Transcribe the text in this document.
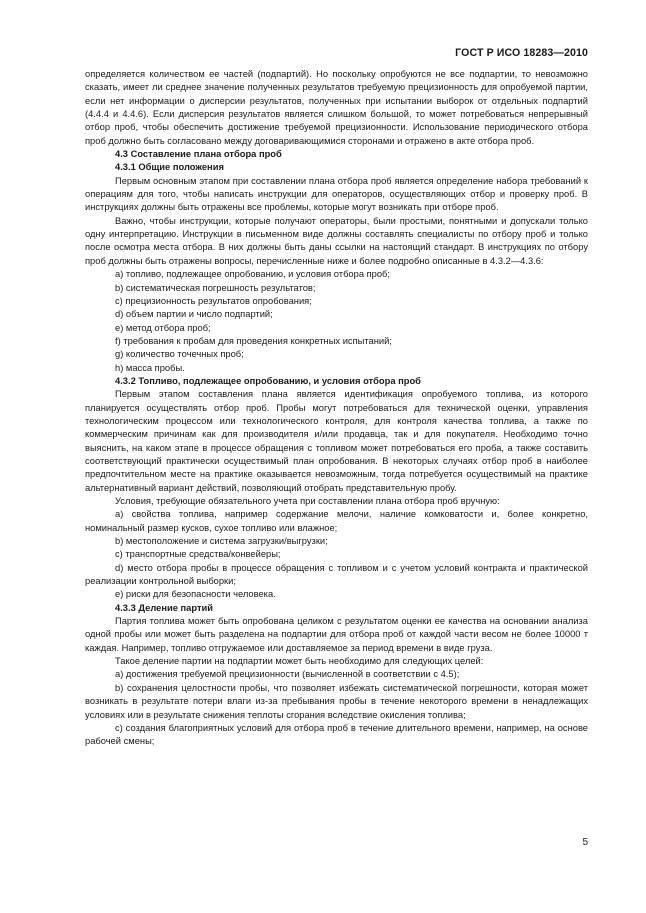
ГОСТ Р ИСО 18283—2010

определяется количеством ее частей (подпартий). Но поскольку опробуются не все подпартии, то невозможно сказать, имеет ли среднее значение полученных результатов требуемую прецизионность для опробуемой партии, если нет информации о дисперсии результатов, полученных при испытании выборок от отдельных подпартий (4.4.4 и 4.4.6). Если дисперсия результатов является слишком большой, то может потребоваться непрерывный отбор проб, чтобы обеспечить достижение требуемой прецизионности. Использование периодического отбора проб должно быть согласовано между договаривающимися сторонами и отражено в акте отбора проб.

4.3 Составление плана отбора проб

4.3.1 Общие положения

Первым основным этапом при составлении плана отбора проб является определение набора требований к операциям для того, чтобы написать инструкции для операторов, осуществляющих отбор и проверку проб. В инструкциях должны быть отражены все проблемы, которые могут возникать при отборе проб.

Важно, чтобы инструкции, которые получают операторы, были простыми, понятными и допускали только одну интерпретацию. Инструкции в письменном виде должны составлять специалисты по отбору проб и только после осмотра места отбора. В них должны быть даны ссылки на настоящий стандарт. В инструкциях по отбору проб должны быть отражены вопросы, перечисленные ниже и более подробно описанные в 4.3.2—4.3.6:

a) топливо, подлежащее опробованию, и условия отбора проб;

b) систематическая погрешность результатов;

c) прецизионность результатов опробования;

d) объем партии и число подпартий;

e) метод отбора проб;

f) требования к пробам для проведения конкретных испытаний;

g) количество точечных проб;

h) масса пробы.

4.3.2 Топливо, подлежащее опробованию, и условия отбора проб

Первым этапом составления плана является идентификация опробуемого топлива, из которого планируется осуществлять отбор проб. Пробы могут потребоваться для технической оценки, управления технологическим процессом или технологического контроля, для контроля качества топлива, а также по коммерческим причинам как для производителя и/или продавца, так и для покупателя. Необходимо точно выяснить, на каком этапе в процессе обращения с топливом может потребоваться его проба, а также составить соответствующий практически осуществимый план опробования. В некоторых случаях отбор проб в наиболее предпочтительном месте на практике оказывается невозможным, тогда потребуется осуществимый на практике альтернативный вариант действий, позволяющий отобрать представительную пробу.

Условия, требующие обязательного учета при составлении плана отбора проб вручную:

a) свойства топлива, например содержание мелочи, наличие комковатости и, более конкретно, номинальный размер кусков, сухое топливо или влажное;

b) местоположение и система загрузки/выгрузки;

c) транспортные средства/конвейеры;

d) место отбора пробы в процессе обращения с топливом и с учетом условий контракта и практической реализации контрольной выборки;

e) риски для безопасности человека.

4.3.3 Деление партий

Партия топлива может быть опробована целиком с результатом оценки ее качества на основании анализа одной пробы или может быть разделена на подпартии для отбора проб от каждой части весом не более 10000 т каждая. Например, топливо отгружаемое или доставляемое за период времени в виде груза.

Такое деление партии на подпартии может быть необходимо для следующих целей:

a) достижения требуемой прецизионности (вычисленной в соответствии с 4.5);

b) сохранения целостности пробы, что позволяет избежать систематической погрешности, которая может возникать в результате потери влаги из-за пребывания пробы в течение некоторого времени в ненадлежащих условиях или в результате снижения теплоты сгорания вследствие окисления топлива;

c) создания благоприятных условий для отбора проб в течение длительного времени, например, на основе рабочей смены;

5
